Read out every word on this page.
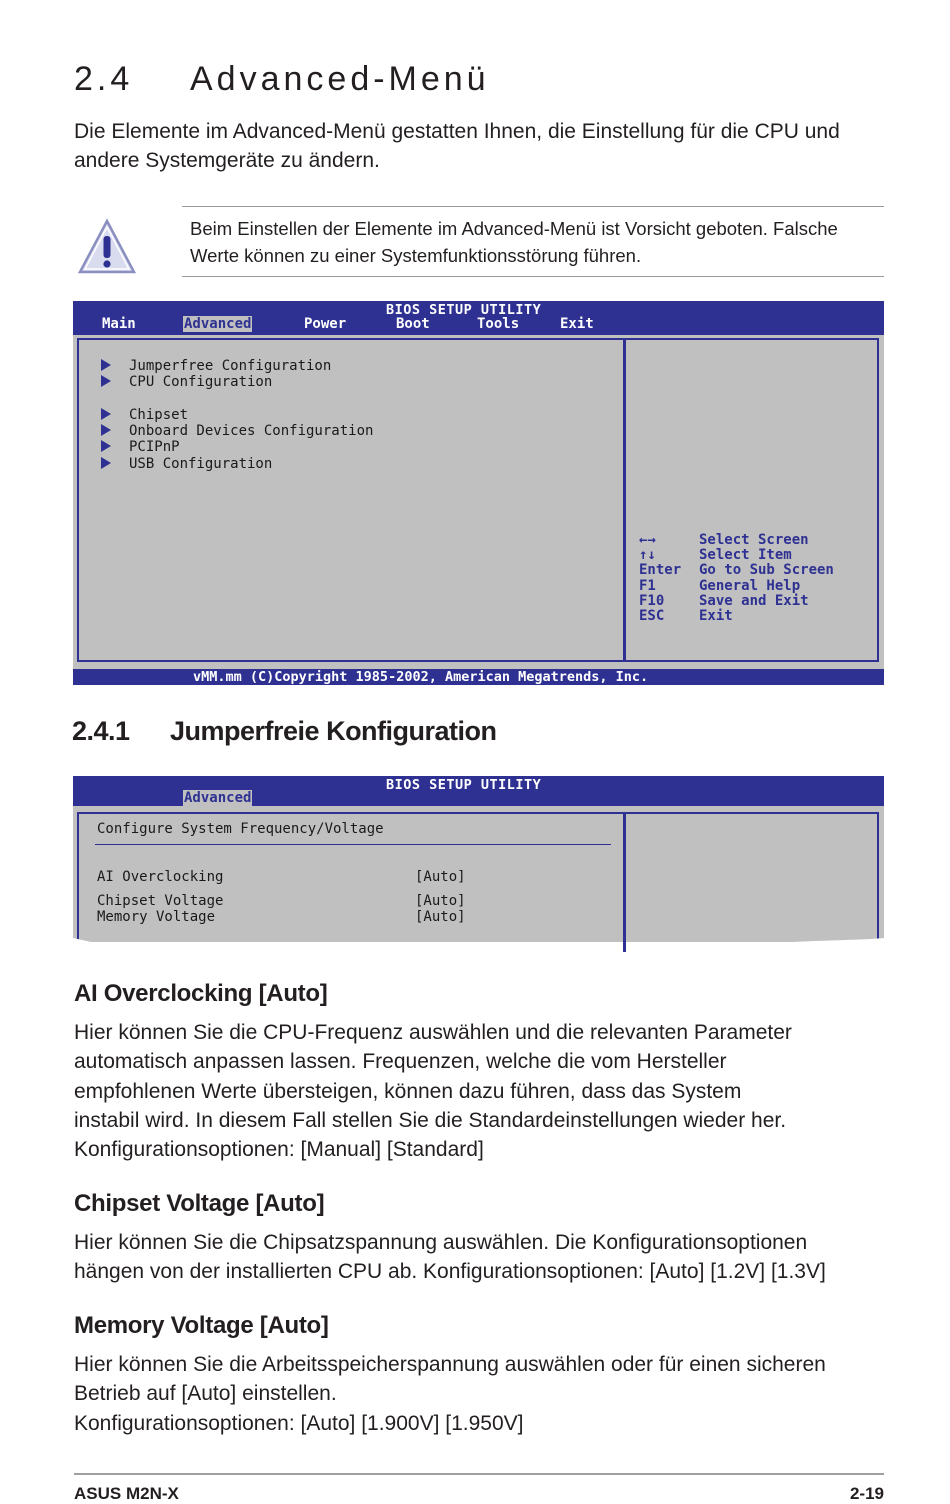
2.4 Advanced-Menü

Die Elemente im Advanced-Menü gestatten Ihnen, die Einstellung für die CPU und andere Systemgeräte zu ändern.

Beim Einstellen der Elemente im Advanced-Menü ist Vorsicht geboten. Falsche Werte können zu einer Systemfunktionsstörung führen.

BIOS SETUP UTILITY
Main	Advanced	Power	Boot	Tools	Exit
Jumperfree Configuration
CPU Configuration
Chipset
Onboard Devices Configuration
PCIPnP
USB Configuration
←→	Select Screen
↑↓	Select Item
Enter Go to Sub Screen
F1	General Help
F10 Save and Exit
ESC Exit
vMM.mm (C)Copyright 1985-2002, American Megatrends, Inc.
2.4.1 Jumperfreie Konfiguration
BIOS SETUP UTILITY
Advanced
Configure System Frequency/Voltage
AI Overclocking	[Auto]
Chipset Voltage	[Auto]
Memory Voltage	[Auto]
AI Overclocking [Auto]
Hier können Sie die CPU-Frequenz auswählen und die relevanten Parameter
automatisch anpassen lassen. Frequenzen, welche die vom Hersteller
empfohlenen Werte übersteigen, können dazu führen, dass das System
instabil wird. In diesem Fall stellen Sie die Standardeinstellungen wieder her.
Konfigurationsoptionen: [Manual] [Standard]
Chipset Voltage [Auto]
Hier können Sie die Chipsatzspannung auswählen. Die Konfigurationsoptionen
hängen von der installierten CPU ab. Konfigurationsoptionen: [Auto] [1.2V] [1.3V]
Memory Voltage [Auto]
Hier können Sie die Arbeitsspeicherspannung auswählen oder für einen sicheren
Betrieb auf [Auto] einstellen.
Konfigurationsoptionen: [Auto] [1.900V] [1.950V]
ASUS M2N-X	2-19
